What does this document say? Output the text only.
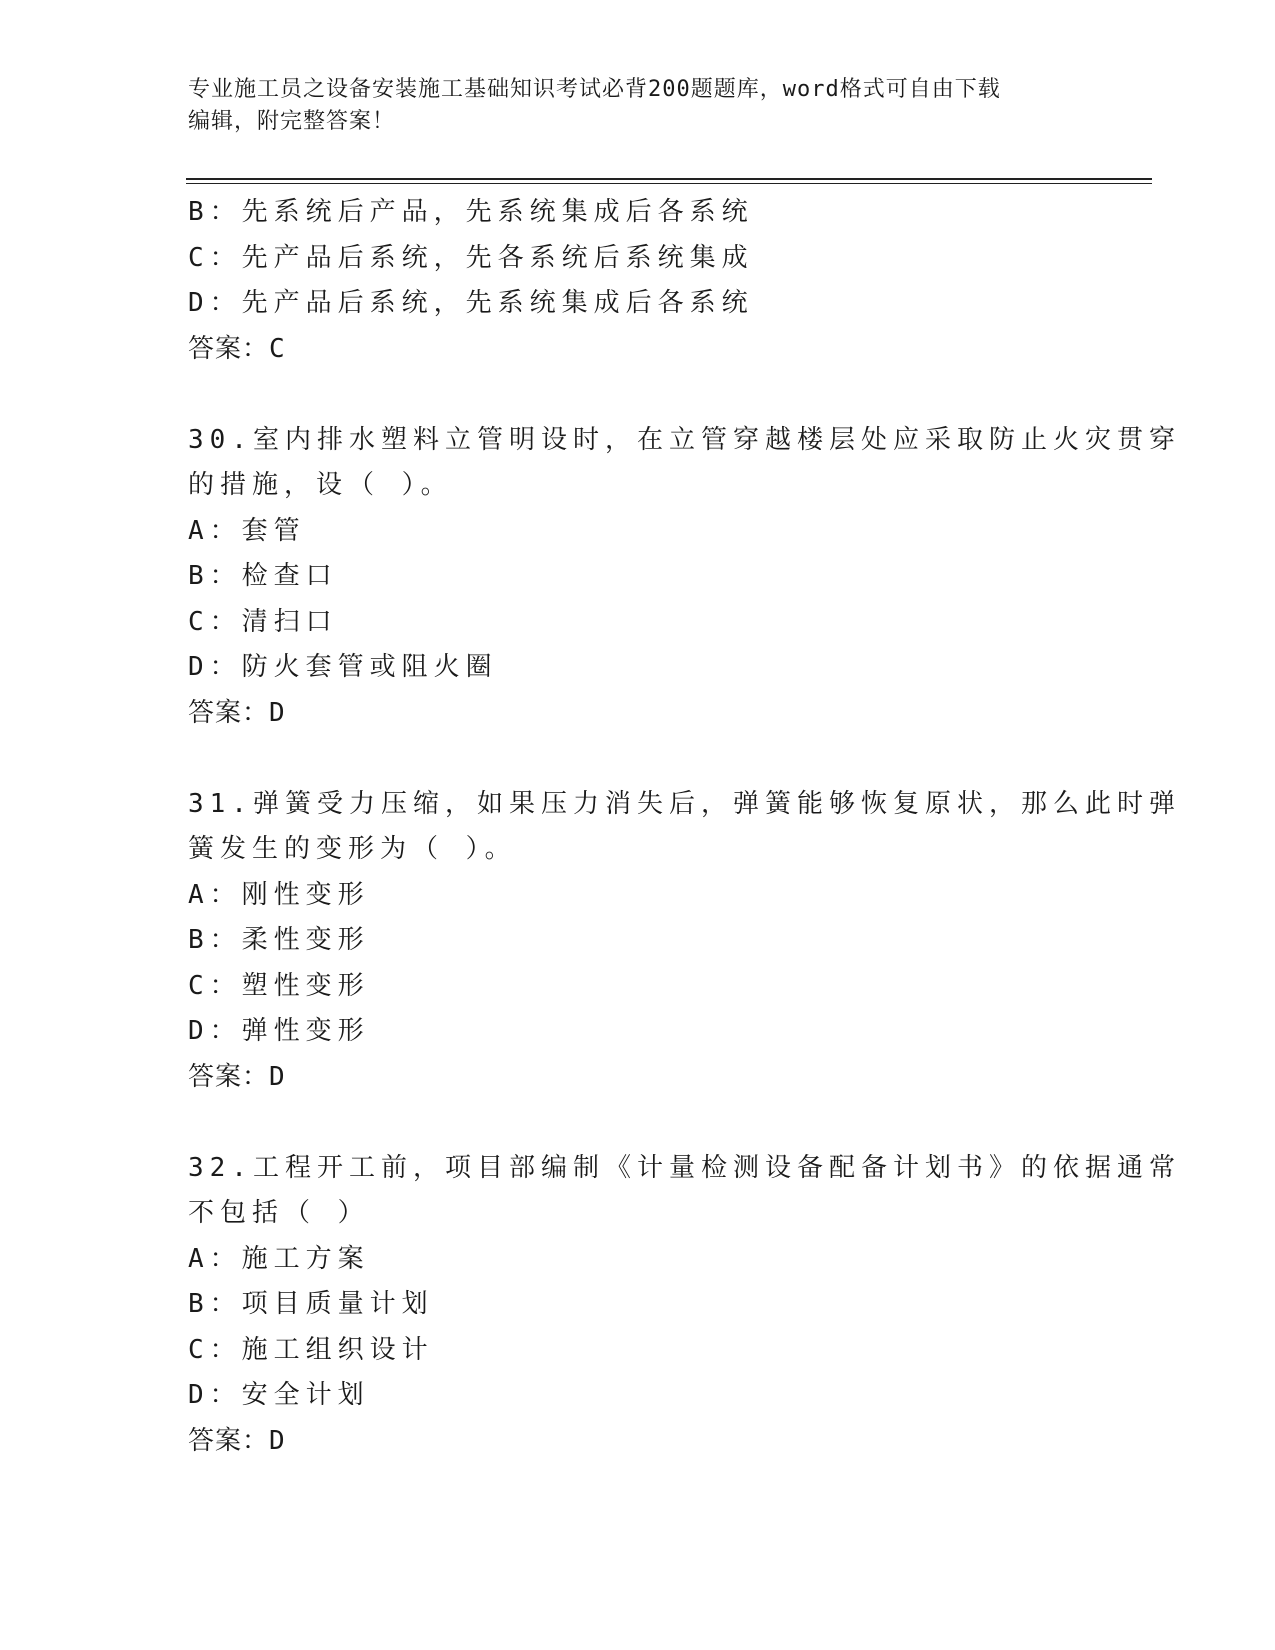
专业施工员之设备安装施工基础知识考试必背200题题库，word格式可自由下载
编辑，附完整答案！
B：先系统后产品，先系统集成后各系统
C：先产品后系统，先各系统后系统集成
D：先产品后系统，先系统集成后各系统
答案：C
30.室内排水塑料立管明设时，在立管穿越楼层处应采取防止火灾贯穿
的措施，设（ ）。
A：套管
B：检查口
C：清扫口
D：防火套管或阻火圈
答案：D
31.弹簧受力压缩，如果压力消失后，弹簧能够恢复原状，那么此时弹
簧发生的变形为（ ）。
A：刚性变形
B：柔性变形
C：塑性变形
D：弹性变形
答案：D
32.工程开工前，项目部编制《计量检测设备配备计划书》的依据通常
不包括（ ）
A：施工方案
B：项目质量计划
C：施工组织设计
D：安全计划
答案：D
